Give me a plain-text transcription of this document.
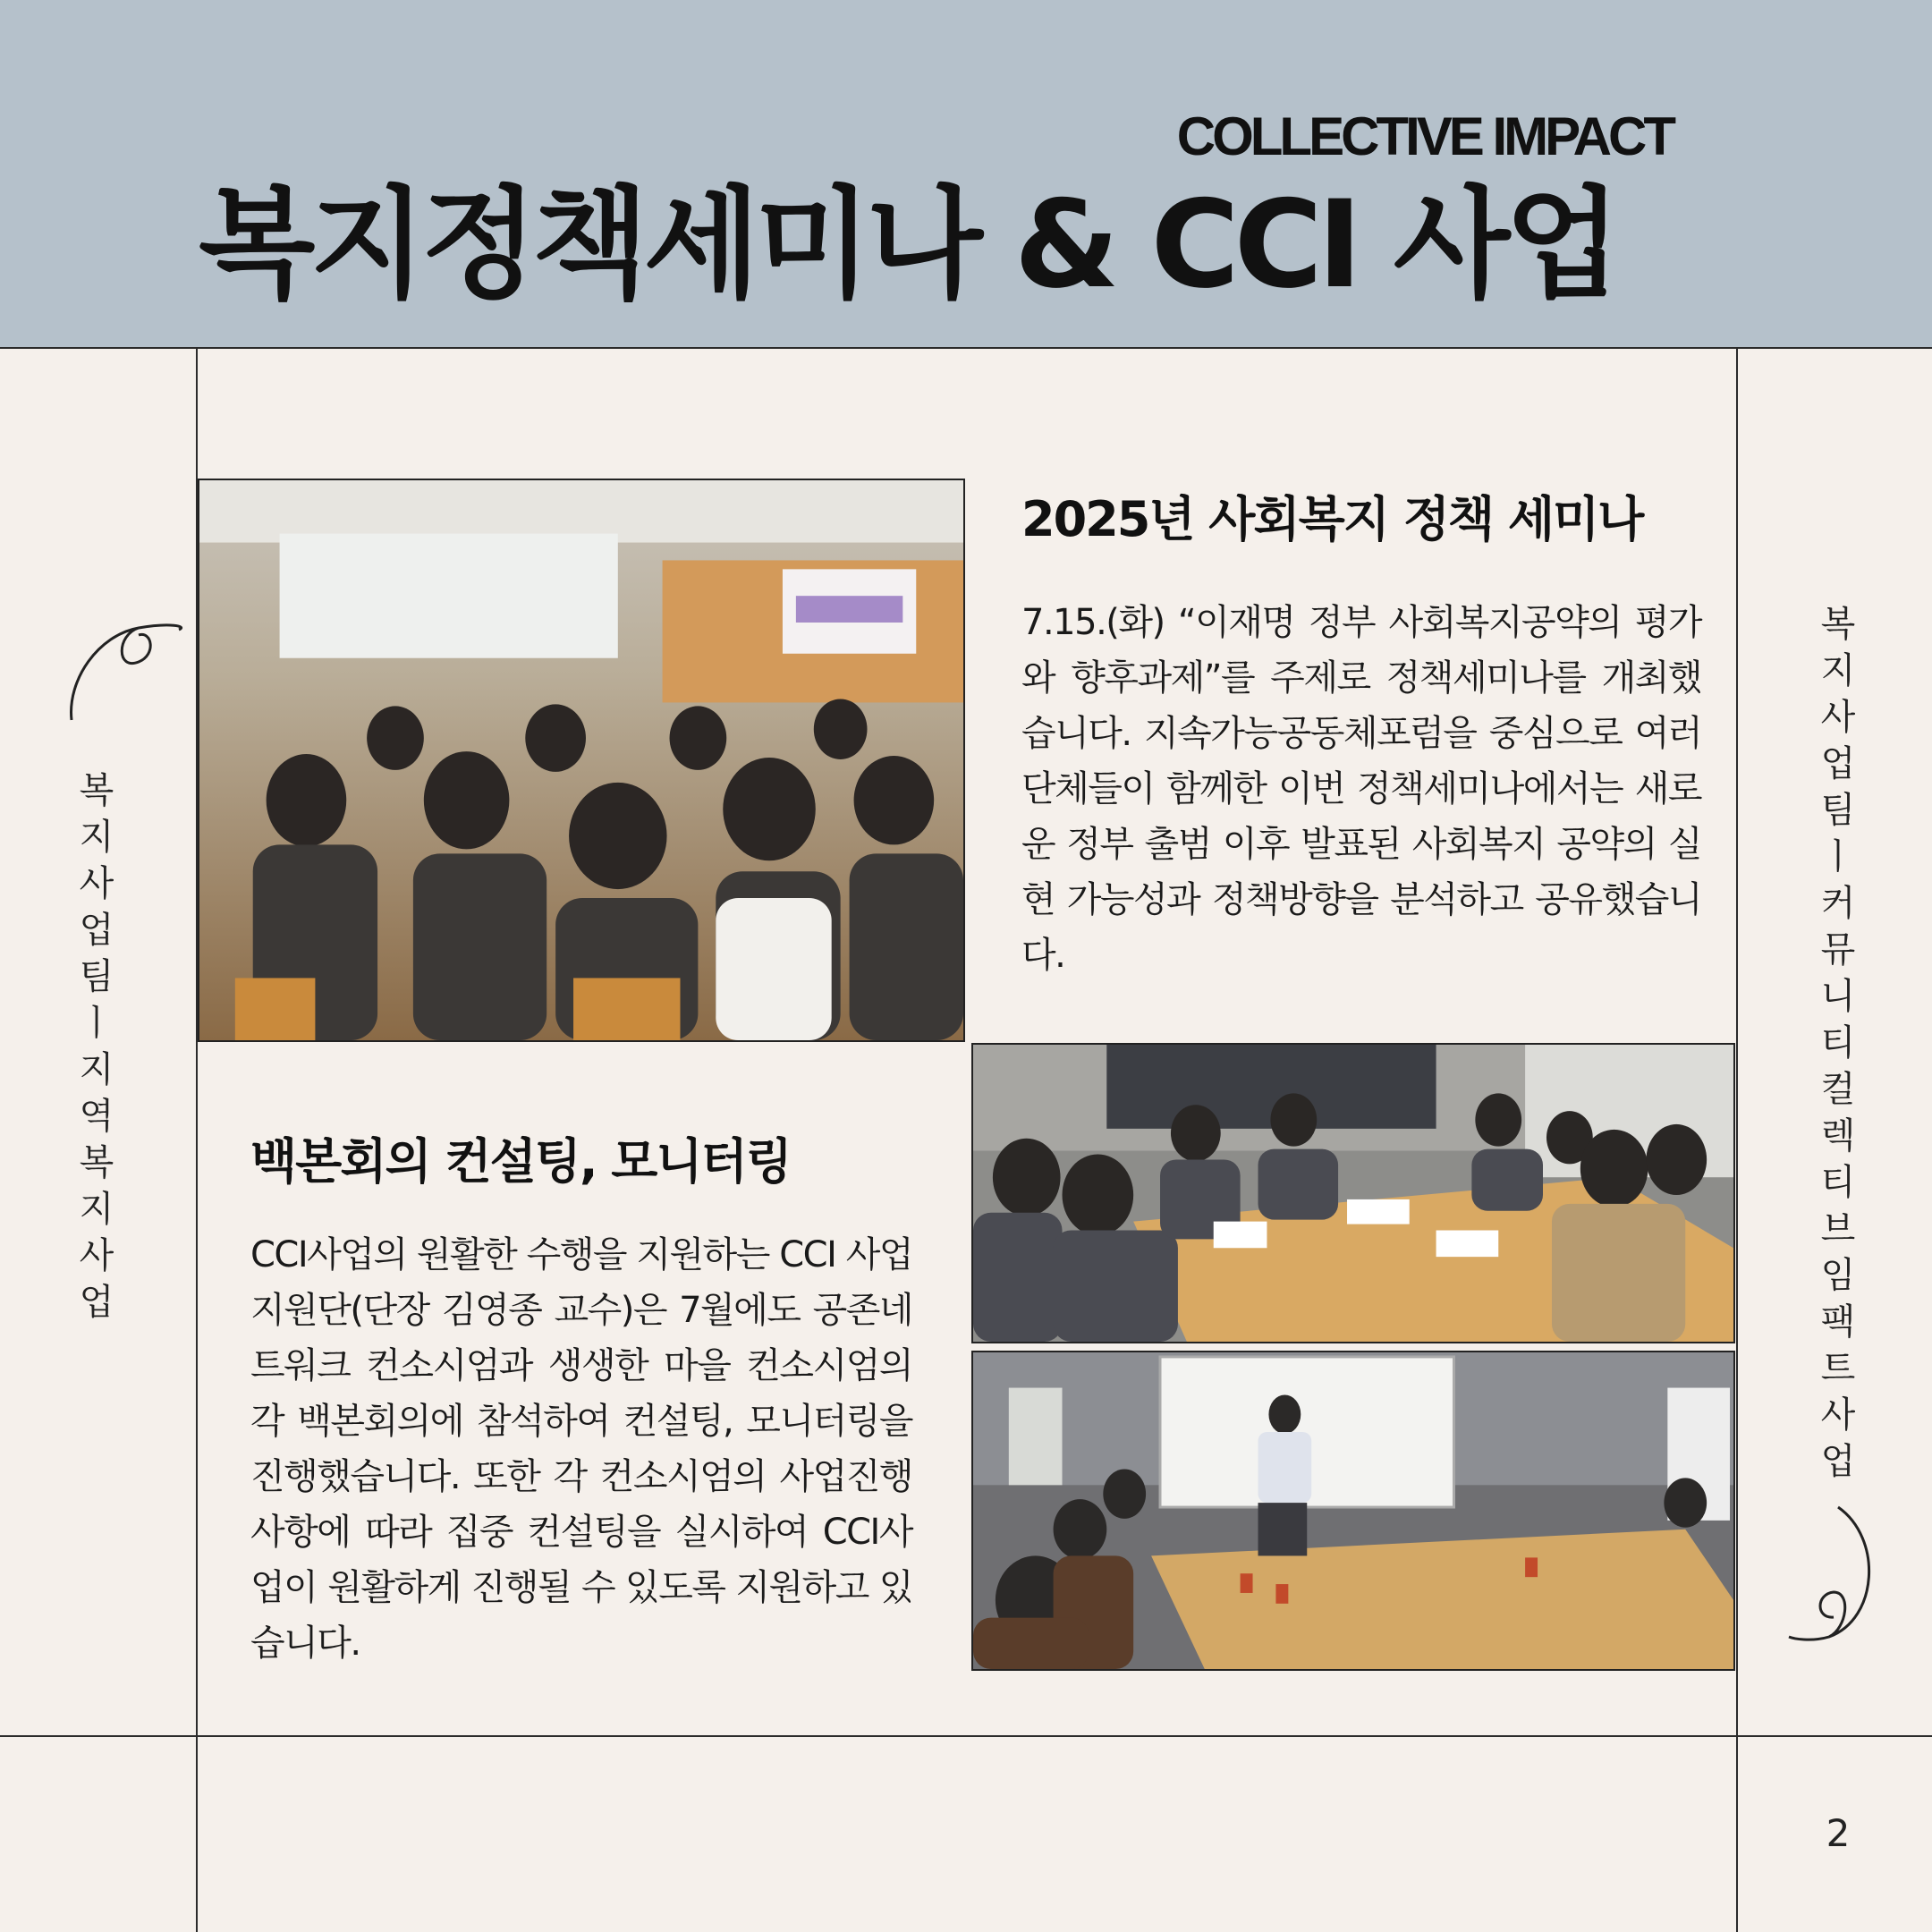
COLLECTIVE IMPACT
복지정책세미나 & CCI 사업
복지사업팀ㅣ지역복지사업
복지사업팀ㅣ커뮤니티컬렉티브임팩트 사업
2025년 사회복지 정책 세미나
7.15.(화) “이재명 정부 사회복지공약의 평가와 향후과제”를 주제로 정책세미나를 개최했습니다. 지속가능공동체포럼을 중심으로 여러 단체들이 함께한 이번 정책세미나에서는 새로운 정부 출범 이후 발표된 사회복지 공약의 실현 가능성과 정책방향을 분석하고 공유했습니다.
백본회의 컨설팅, 모니터링
CCI사업의 원활한 수행을 지원하는 CCI 사업지원단(단장 김영종 교수)은 7월에도 공존네트워크 컨소시엄과 생생한 마을 컨소시엄의 각 백본회의에 참석하여 컨설팅, 모니터링을 진행했습니다. 또한 각 컨소시엄의 사업진행사항에 따라 집중 컨설팅을 실시하여 CCI사업이 원활하게 진행될 수 있도록 지원하고 있습니다.
2
